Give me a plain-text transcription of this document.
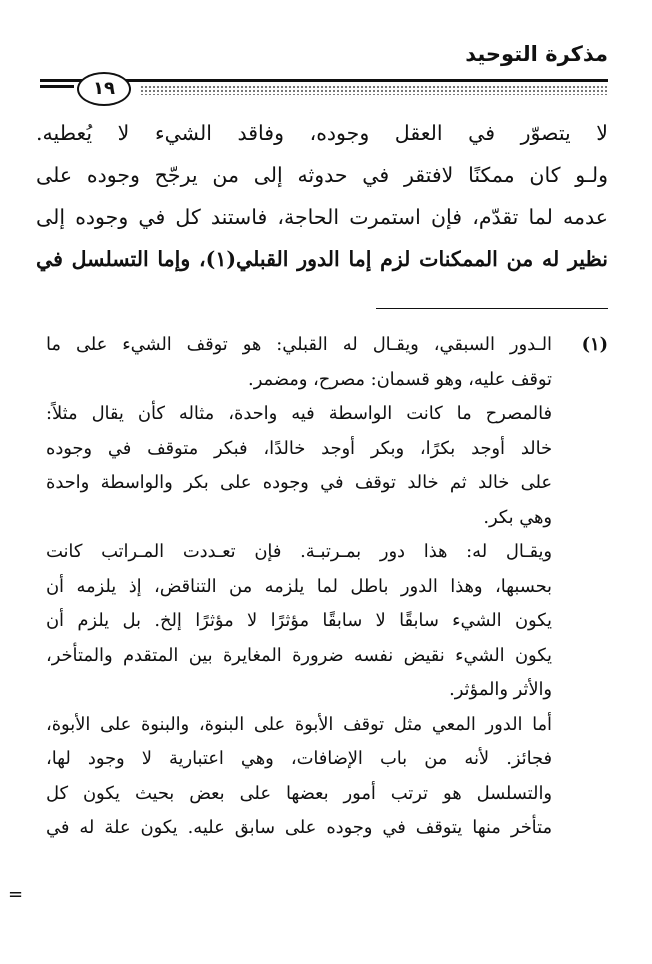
مذكرة التوحيد
١٩
لا يتصوّر في العقل وجوده، وفاقد الشيء لا يُعطيه.
ولـو كان ممكنًا لافتقر في حدوثه إلى من يرجّح وجوده على
عدمه لما تقدّم، فإن استمرت الحاجة، فاستند كل في وجوده إلى
نظير له من الممكنات لزم إما الدور القبلي(١)، وإما التسلسل في
(١)
الـدور السبقي، ويقـال له القبلي: هو توقف الشيء على ما
توقف عليه، وهو قسمان: مصرح، ومضمر.
فالمصرح ما كانت الواسطة فيه واحدة، مثاله كأن يقال مثلاً:
خالد أوجد بكرًا، وبكر أوجد خالدًا، فبكر متوقف في وجوده
على خالد ثم خالد توقف في وجوده على بكر والواسطة واحدة
وهي بكر.
ويقـال له: هذا دور بمـرتبـة. فإن تعـددت المـراتب كانت
بحسبها، وهذا الدور باطل لما يلزمه من التناقض، إذ يلزمه أن
يكون الشيء سابقًا لا سابقًا مؤثرًا لا مؤثرًا إلخ. بل يلزم أن
يكون الشيء نقيض نفسه ضرورة المغايرة بين المتقدم والمتأخر،
والأثر والمؤثر.
أما الدور المعي مثل توقف الأبوة على البنوة، والبنوة على الأبوة،
فجائز. لأنه من باب الإضافات، وهي اعتبارية لا وجود لها،
والتسلسل هو ترتب أمور بعضها على بعض بحيث يكون كل
متأخر منها يتوقف في وجوده على سابق عليه. يكون علة له في
=
